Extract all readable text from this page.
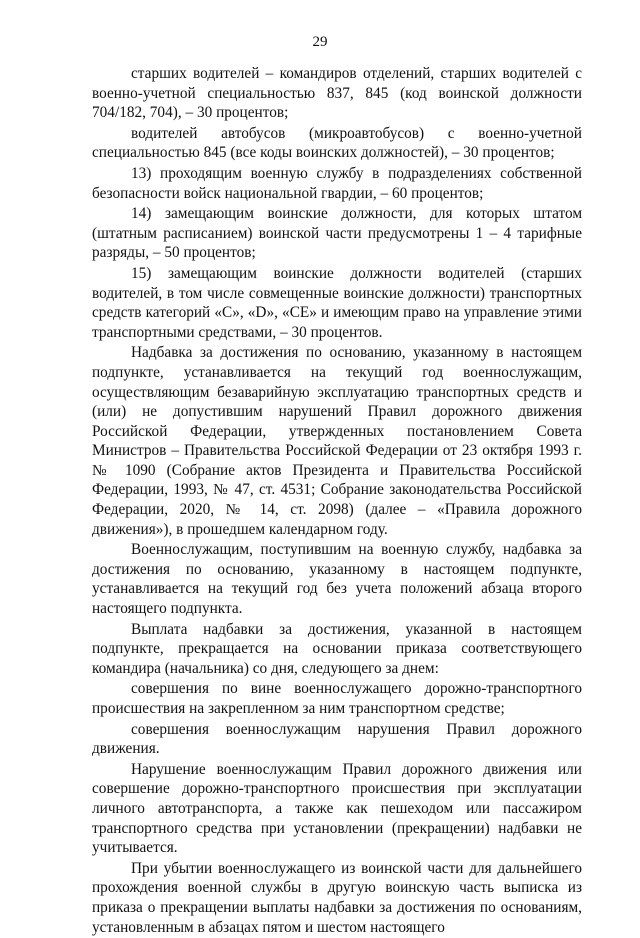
29

старших водителей – командиров отделений, старших водителей с военно-учетной специальностью 837, 845 (код воинской должности 704/182, 704), – 30 процентов;

водителей автобусов (микроавтобусов) с военно-учетной специальностью 845 (все коды воинских должностей), – 30 процентов;

13) проходящим военную службу в подразделениях собственной безопасности войск национальной гвардии, – 60 процентов;

14) замещающим воинские должности, для которых штатом (штатным расписанием) воинской части предусмотрены 1 – 4 тарифные разряды, – 50 процентов;

15) замещающим воинские должности водителей (старших водителей, в том числе совмещенные воинские должности) транспортных средств категорий «C», «D», «CE» и имеющим право на управление этими транспортными средствами, – 30 процентов.

Надбавка за достижения по основанию, указанному в настоящем подпункте, устанавливается на текущий год военнослужащим, осуществляющим безаварийную эксплуатацию транспортных средств и (или) не допустившим нарушений Правил дорожного движения Российской Федерации, утвержденных постановлением Совета Министров – Правительства Российской Федерации от 23 октября 1993 г. № 1090 (Собрание актов Президента и Правительства Российской Федерации, 1993, № 47, ст. 4531; Собрание законодательства Российской Федерации, 2020, № 14, ст. 2098) (далее – «Правила дорожного движения»), в прошедшем календарном году.

Военнослужащим, поступившим на военную службу, надбавка за достижения по основанию, указанному в настоящем подпункте, устанавливается на текущий год без учета положений абзаца второго настоящего подпункта.

Выплата надбавки за достижения, указанной в настоящем подпункте, прекращается на основании приказа соответствующего командира (начальника) со дня, следующего за днем:

совершения по вине военнослужащего дорожно-транспортного происшествия на закрепленном за ним транспортном средстве;

совершения военнослужащим нарушения Правил дорожного движения.

Нарушение военнослужащим Правил дорожного движения или совершение дорожно-транспортного происшествия при эксплуатации личного автотранспорта, а также как пешеходом или пассажиром транспортного средства при установлении (прекращении) надбавки не учитывается.

При убытии военнослужащего из воинской части для дальнейшего прохождения военной службы в другую воинскую часть выписка из приказа о прекращении выплаты надбавки за достижения по основаниям, установленным в абзацах пятом и шестом настоящего
